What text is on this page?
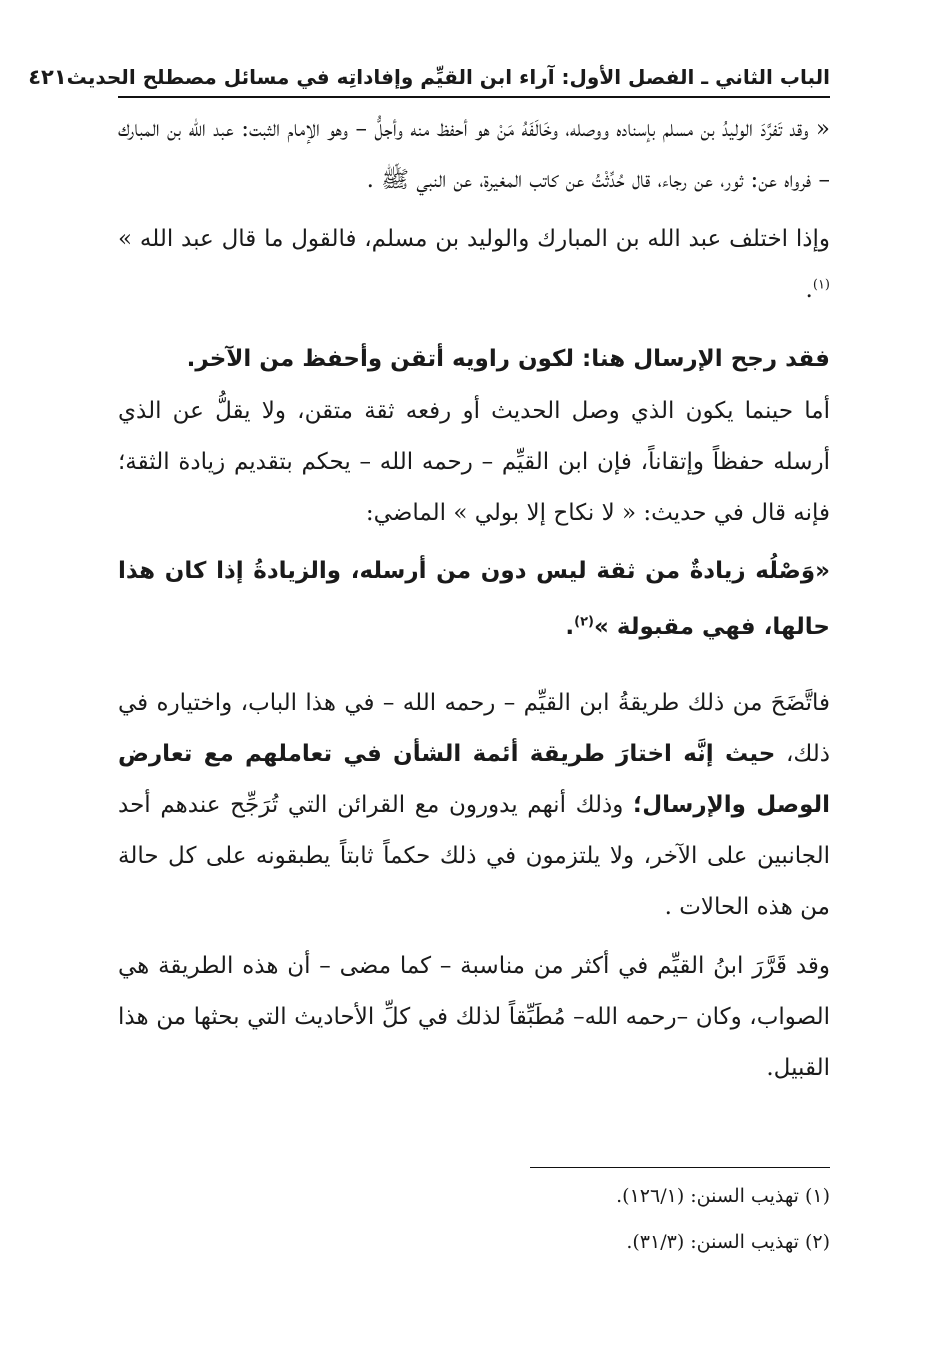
الباب الثاني ـ الفصل الأول: آراء ابن القيِّم وإفاداتِه في مسائل مصطلح الحديث
٤٢١

« وقد تَفرَّدَ الوليدُ بن مسلم بإسناده ووصله، وخَالَفَهُ مَنْ هو أحفظ منه وأجلُّ – وهو الإمام الثبت: عبد الله بن المبارك – فرواه عن: ثور، عن رجاء، قال حُدِّثْتُ عن كاتب المغيرة، عن النبي ﷺ .

وإذا اختلف عبد الله بن المبارك والوليد بن مسلم، فالقول ما قال عبد الله » $^{(١)}$.

فقد رجح الإرسال هنا: لكون راويه أتقن وأحفظ من الآخر.

أما حينما يكون الذي وصل الحديث أو رفعه ثقة متقن، ولا يقلُّ عن الذي أرسله حفظاً وإتقاناً، فإن ابن القيِّم – رحمه الله – يحكم بتقديم زيادة الثقة؛ فإنه قال في حديث: « لا نكاح إلا بولي » الماضي:

«وَصْلُه زيادةٌ من ثقة ليس دون من أرسله، والزيادةُ إذا كان هذا حالها، فهي مقبولة »$^{(٢)}$.

فاتَّضَحَ من ذلك طريقةُ ابن القيِّم – رحمه الله – في هذا الباب، واختياره في ذلك، حيث إنَّه اختارَ طريقة أئمة الشأن في تعاملهم مع تعارض الوصل والإرسال؛ وذلك أنهم يدورون مع القرائن التي تُرَجِّح عندهم أحد الجانبين على الآخر، ولا يلتزمون في ذلك حكماً ثابتاً يطبقونه على كل حالة من هذه الحالات .

وقد قَرَّرَ ابنُ القيِّم في أكثر من مناسبة – كما مضى – أن هذه الطريقة هي الصواب، وكان –رحمه الله– مُطَبِّقاً لذلك في كلِّ الأحاديث التي بحثها من هذا القبيل.

(١) تهذيب السنن: (١٢٦/١).
(٢) تهذيب السنن: (٣١/٣).
